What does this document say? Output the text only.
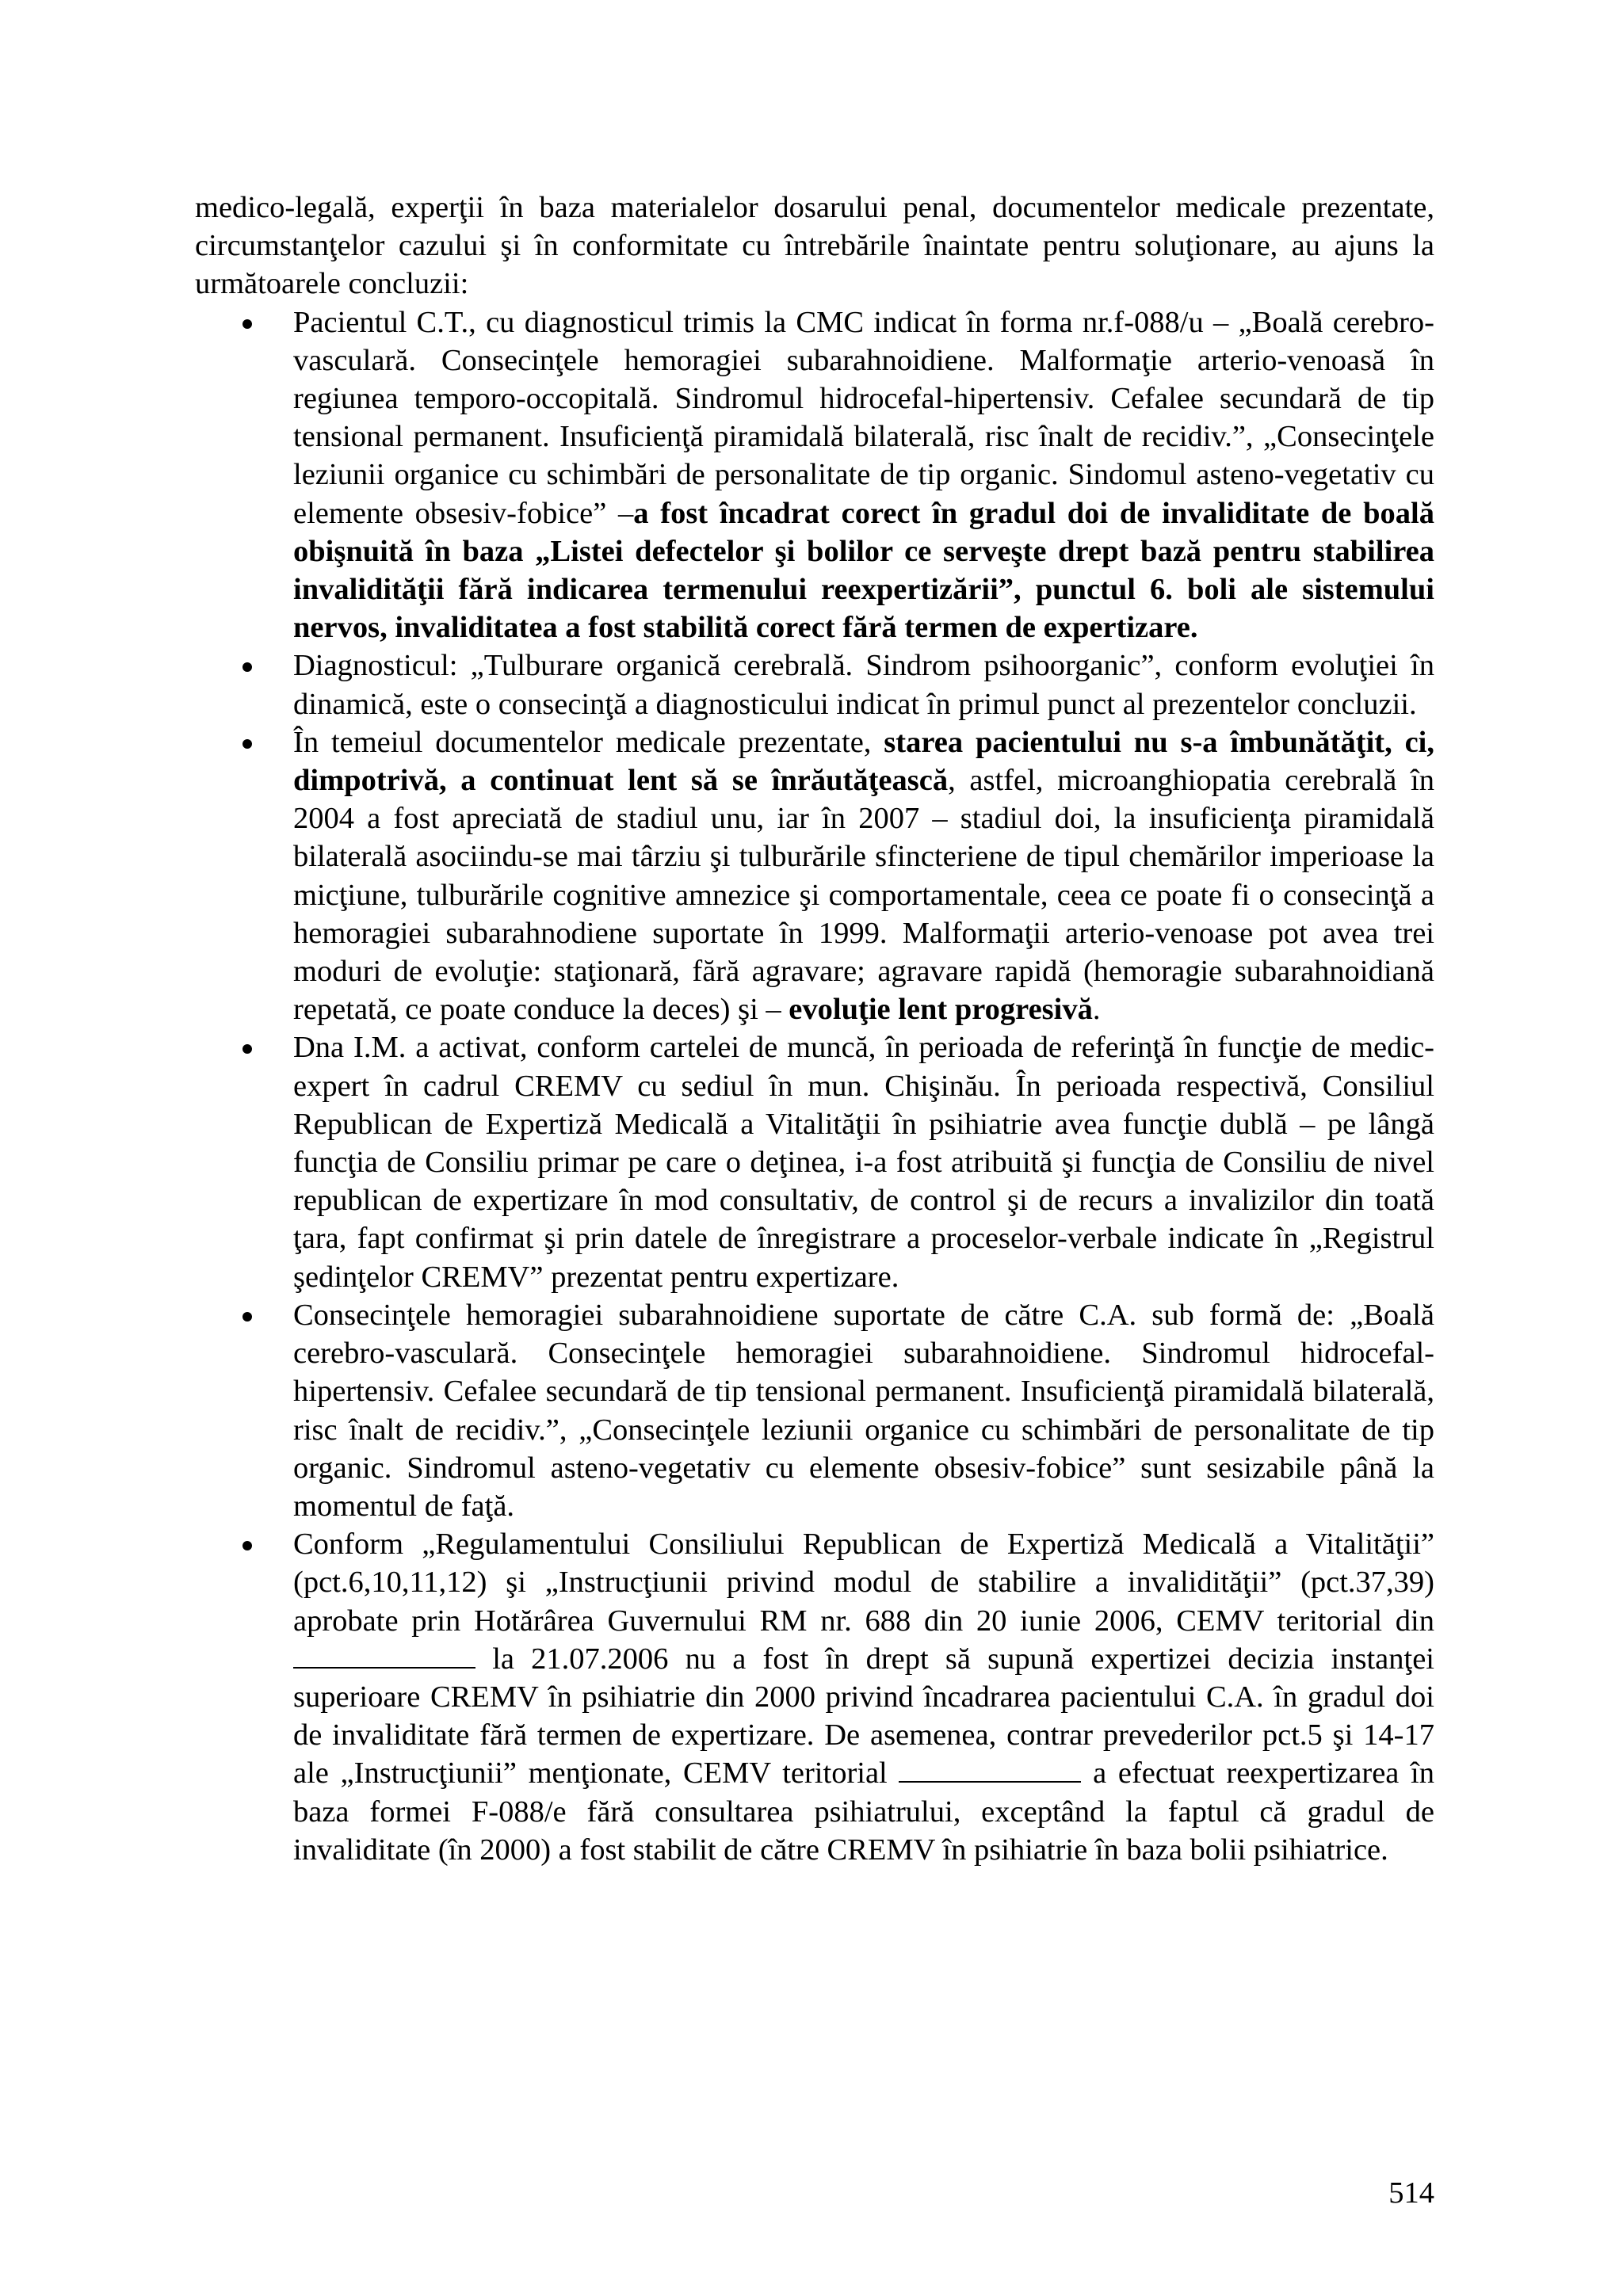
medico-legală, experţii în baza materialelor dosarului penal, documentelor medicale prezentate, circumstanţelor cazului şi în conformitate cu întrebările înaintate pentru soluţionare, au ajuns la următoarele concluzii:

Pacientul C.T., cu diagnosticul trimis la CMC indicat în forma nr.f-088/u – „Boală cerebro-vasculară. Consecinţele hemoragiei subarahnoidiene. Malformaţie arterio-venoasă în regiunea temporo-occopitală. Sindromul hidrocefal-hipertensiv. Cefalee secundară de tip tensional permanent. Insuficienţă piramidală bilaterală, risc înalt de recidiv.”, „Consecinţele leziunii organice cu schimbări de personalitate de tip organic. Sindomul asteno-vegetativ cu elemente obsesiv-fobice” –a fost încadrat corect în gradul doi de invaliditate de boală obişnuită în baza „Listei defectelor şi bolilor ce serveşte drept bază pentru stabilirea invalidităţii fără indicarea termenului reexpertizării”, punctul 6. boli ale sistemului nervos, invaliditatea a fost stabilită corect fără termen de expertizare.
Diagnosticul: „Tulburare organică cerebrală. Sindrom psihoorganic”, conform evoluţiei în dinamică, este o consecinţă a diagnosticului indicat în primul punct al prezentelor concluzii.
În temeiul documentelor medicale prezentate, starea pacientului nu s-a îmbunătăţit, ci, dimpotrivă, a continuat lent să se înrăutăţească, astfel, microanghiopatia cerebrală în 2004 a fost apreciată de stadiul unu, iar în 2007 – stadiul doi, la insuficienţa piramidală bilaterală asociindu-se mai târziu şi tulburările sfincteriene de tipul chemărilor imperioase la micţiune, tulburările cognitive amnezice şi comportamentale, ceea ce poate fi o consecinţă a hemoragiei subarahnodiene suportate în 1999. Malformaţii arterio-venoase pot avea trei moduri de evoluţie: staţionară, fără agravare; agravare rapidă (hemoragie subarahnoidiană repetată, ce poate conduce la deces) şi – evoluţie lent progresivă.
Dna I.M. a activat, conform cartelei de muncă, în perioada de referinţă în funcţie de medic-expert în cadrul CREMV cu sediul în mun. Chişinău. În perioada respectivă, Consiliul Republican de Expertiză Medicală a Vitalităţii în psihiatrie avea funcţie dublă – pe lângă funcţia de Consiliu primar pe care o deţinea, i-a fost atribuită şi funcţia de Consiliu de nivel republican de expertizare în mod consultativ, de control şi de recurs a invalizilor din toată ţara, fapt confirmat şi prin datele de înregistrare a proceselor-verbale indicate în „Registrul şedinţelor CREMV” prezentat pentru expertizare.
Consecinţele hemoragiei subarahnoidiene suportate de către C.A. sub formă de: „Boală cerebro-vasculară. Consecinţele hemoragiei subarahnoidiene. Sindromul hidrocefal-hipertensiv. Cefalee secundară de tip tensional permanent. Insuficienţă piramidală bilaterală, risc înalt de recidiv.”, „Consecinţele leziunii organice cu schimbări de personalitate de tip organic. Sindromul asteno-vegetativ cu elemente obsesiv-fobice” sunt sesizabile până la momentul de faţă.
Conform „Regulamentului Consiliului Republican de Expertiză Medicală a Vitalităţii” (pct.6,10,11,12) şi „Instrucţiunii privind modul de stabilire a invalidităţii” (pct.37,39) aprobate prin Hotărârea Guvernului RM nr. 688 din 20 iunie 2006, CEMV teritorial din  la 21.07.2006 nu a fost în drept să supună expertizei decizia instanţei superioare CREMV în psihiatrie din 2000 privind încadrarea pacientului C.A. în gradul doi de invaliditate fără termen de expertizare. De asemenea, contrar prevederilor pct.5 şi 14-17 ale „Instrucţiunii” menţionate, CEMV teritorial	a efectuat reexpertizarea în baza formei F-088/e fără consultarea psihiatrului, exceptând la faptul că gradul de invaliditate (în 2000) a fost stabilit de către CREMV în psihiatrie în baza bolii psihiatrice.
514
